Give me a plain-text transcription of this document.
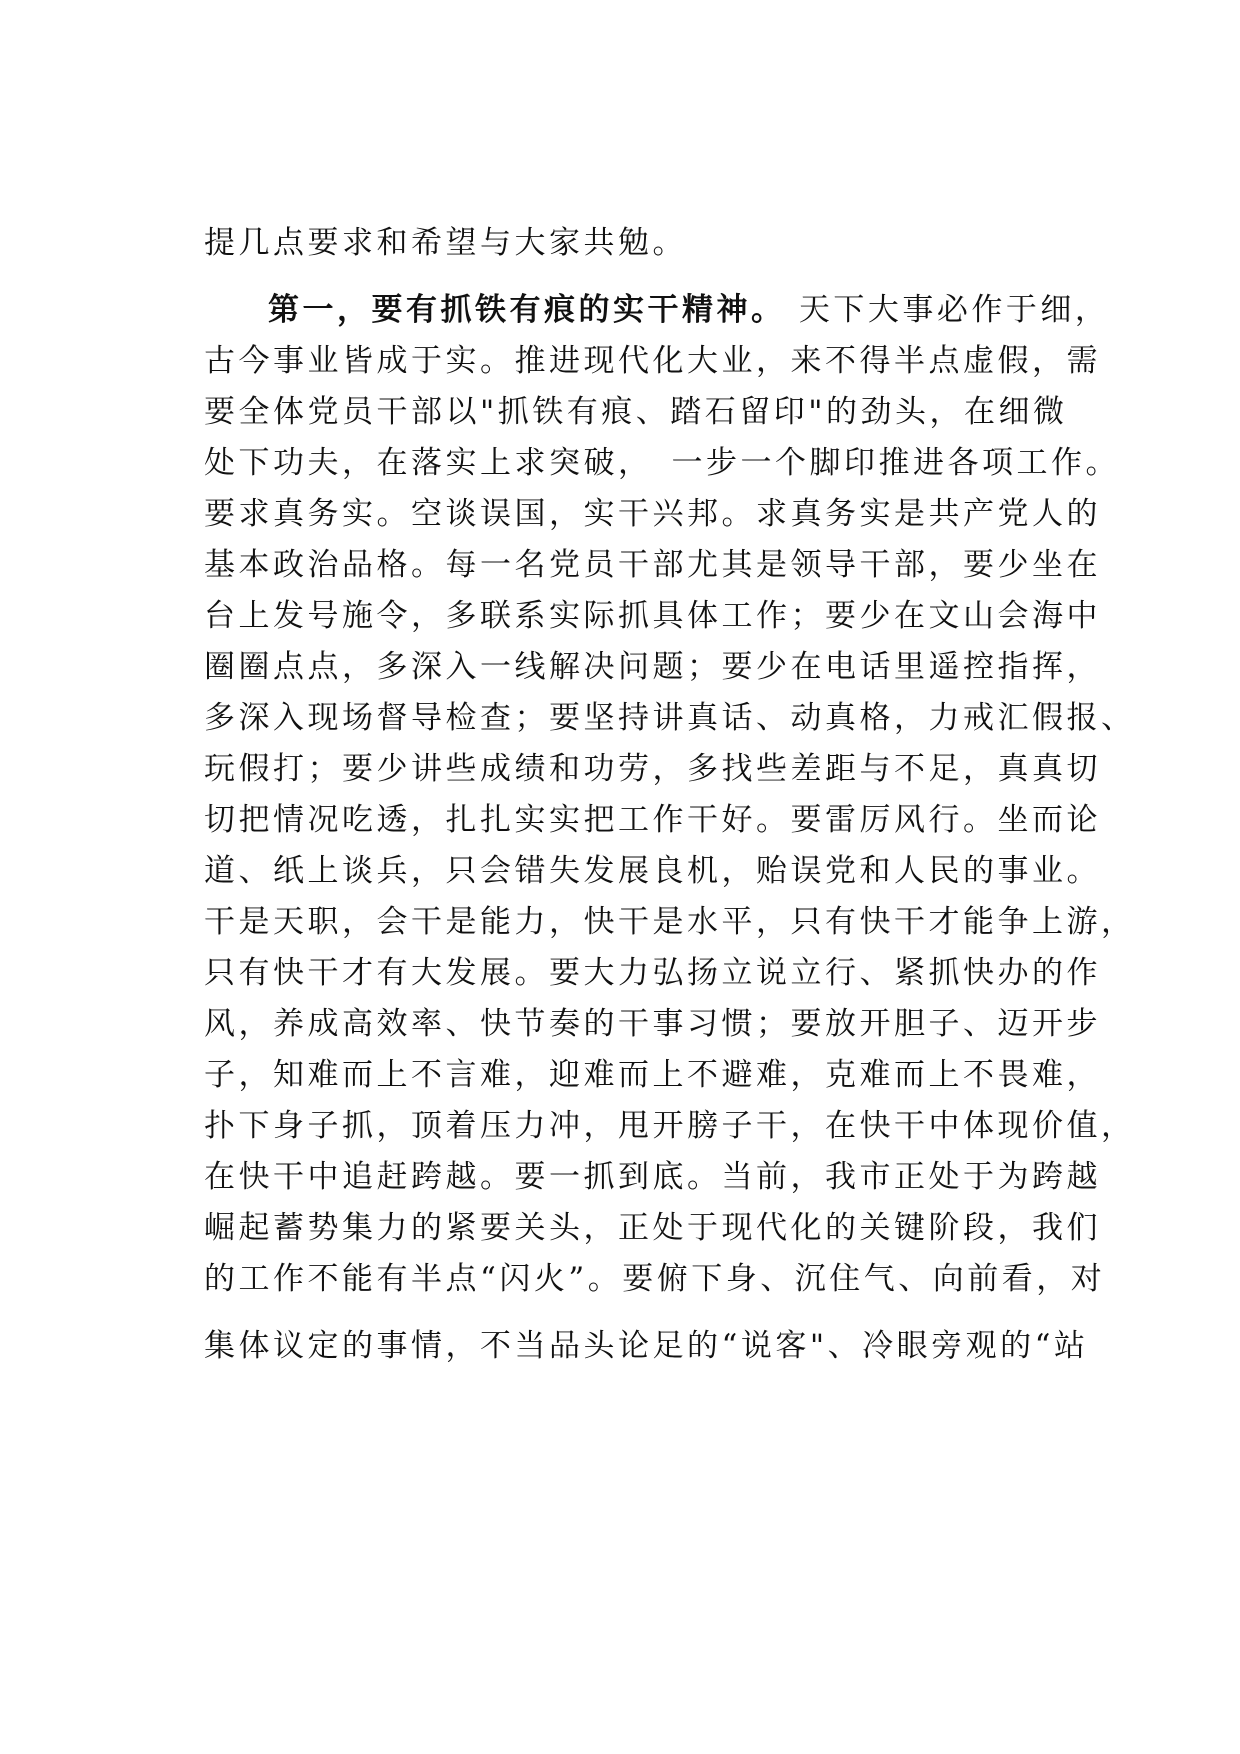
提几点要求和希望与大家共勉。
第一，要有抓铁有痕的实干精神。 天下大事必作于细，
古今事业皆成于实。推进现代化大业，来不得半点虚假，需
要全体党员干部以"抓铁有痕、踏石留印"的劲头，在细微
处下功夫，在落实上求突破，　一步一个脚印推进各项工作。
要求真务实。空谈误国，实干兴邦。求真务实是共产党人的
基本政治品格。每一名党员干部尤其是领导干部，要少坐在
台上发号施令，多联系实际抓具体工作；要少在文山会海中
圈圈点点，多深入一线解决问题；要少在电话里遥控指挥，
多深入现场督导检查；要坚持讲真话、动真格，力戒汇假报、
玩假打；要少讲些成绩和功劳，多找些差距与不足，真真切
切把情况吃透，扎扎实实把工作干好。要雷厉风行。坐而论
道、纸上谈兵，只会错失发展良机，贻误党和人民的事业。
干是天职，会干是能力，快干是水平，只有快干才能争上游，
只有快干才有大发展。要大力弘扬立说立行、紧抓快办的作
风，养成高效率、快节奏的干事习惯；要放开胆子、迈开步
子，知难而上不言难，迎难而上不避难，克难而上不畏难，
扑下身子抓，顶着压力冲，甩开膀子干，在快干中体现价值，
在快干中追赶跨越。要一抓到底。当前，我市正处于为跨越
崛起蓄势集力的紧要关头，正处于现代化的关键阶段，我们
的工作不能有半点“闪火”。要俯下身、沉住气、向前看，对
集体议定的事情，不当品头论足的“说客"、冷眼旁观的“站
